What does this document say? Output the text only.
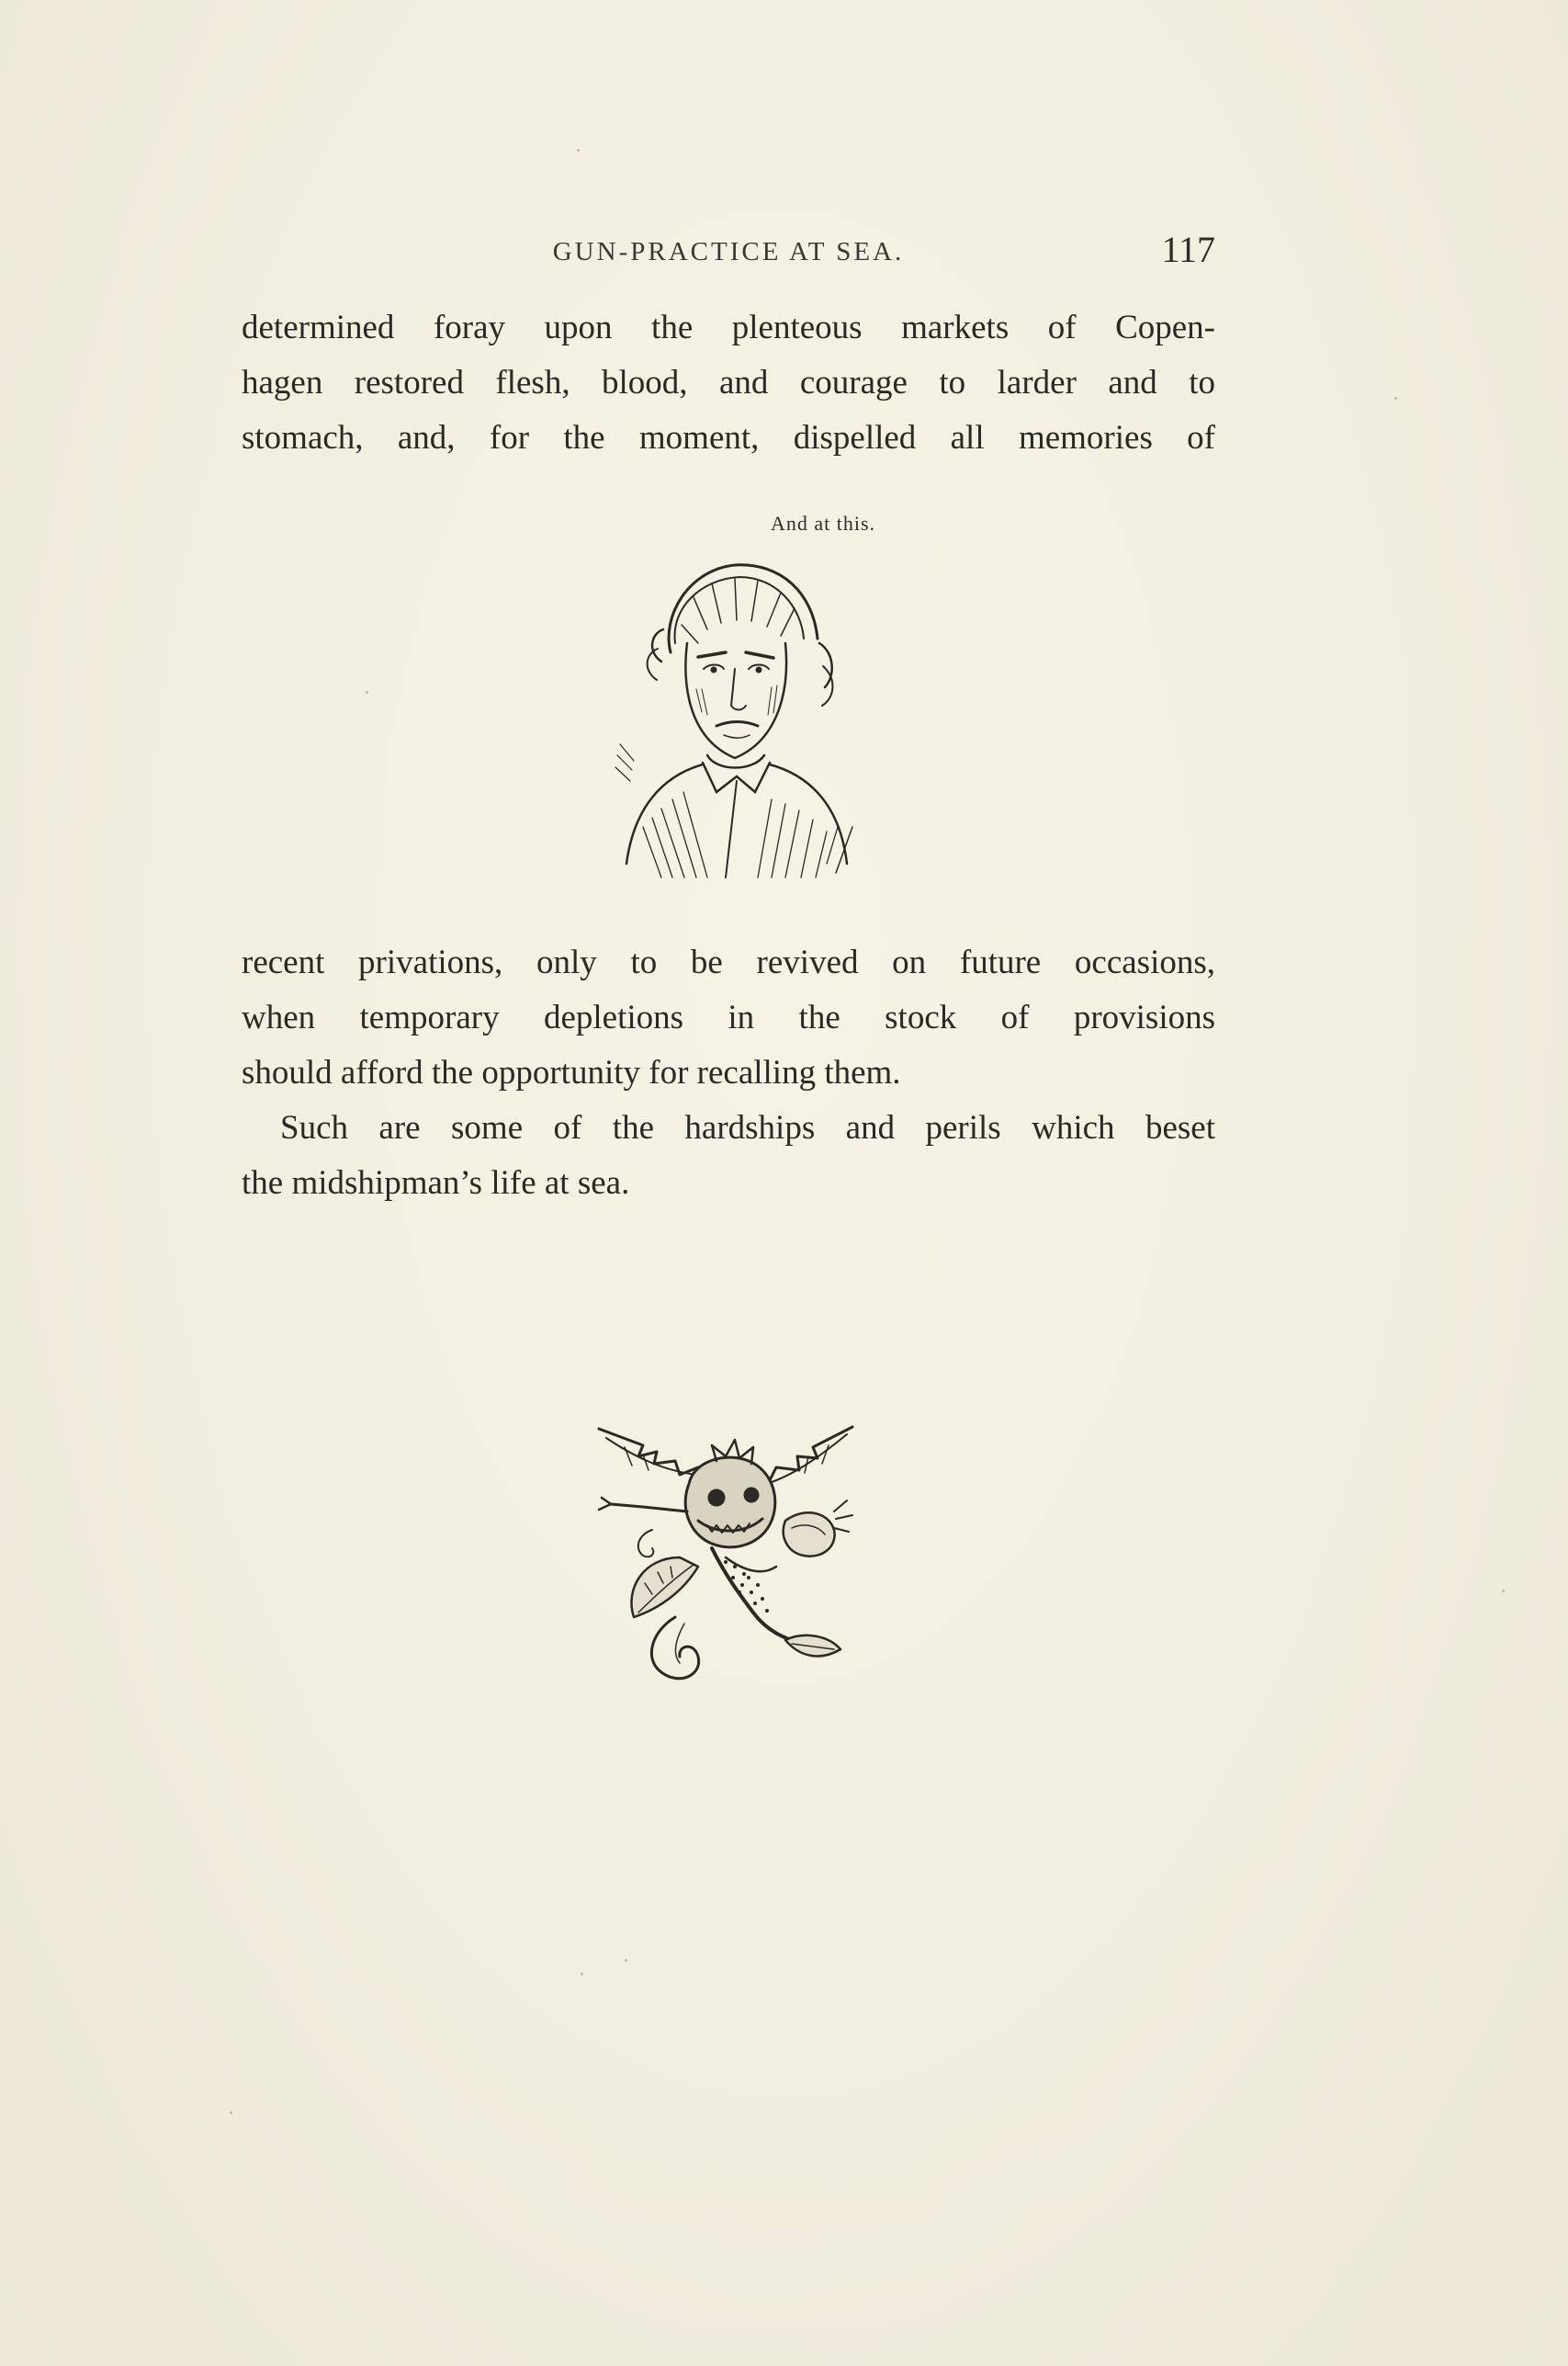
GUN-PRACTICE AT SEA.	117
determined foray upon the plenteous markets of Copen-
hagen restored flesh, blood, and courage to larder and to
stomach, and, for the moment, dispelled all memories of
And at this.
recent privations, only to be revived on future occasions,
when temporary depletions in the stock of provisions
should afford the opportunity for recalling them.
Such are some of the hardships and perils which beset
the midshipman’s life at sea.
